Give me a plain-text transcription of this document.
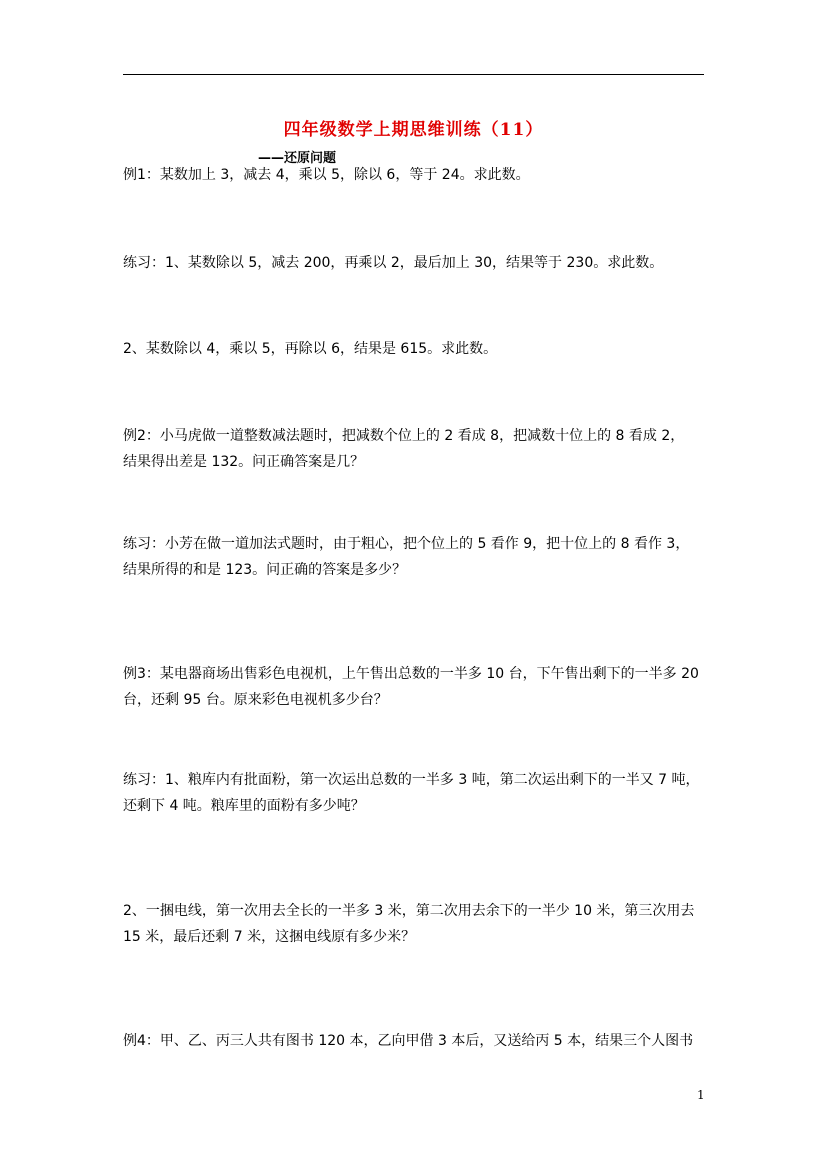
四年级数学上期思维训练（11）
——还原问题
例1：某数加上 3，减去 4，乘以 5，除以 6，等于 24。求此数。
练习：1、某数除以 5，减去 200，再乘以 2，最后加上 30，结果等于 230。求此数。
2、某数除以 4，乘以 5，再除以 6，结果是 615。求此数。
例2：小马虎做一道整数减法题时，把减数个位上的 2 看成 8，把减数十位上的 8 看成 2，
结果得出差是 132。问正确答案是几？
练习：小芳在做一道加法式题时，由于粗心，把个位上的 5 看作 9，把十位上的 8 看作 3，
结果所得的和是 123。问正确的答案是多少？
例3：某电器商场出售彩色电视机，上午售出总数的一半多 10 台，下午售出剩下的一半多 20
台，还剩 95 台。原来彩色电视机多少台？
练习：1、粮库内有批面粉，第一次运出总数的一半多 3 吨，第二次运出剩下的一半又 7 吨，
还剩下 4 吨。粮库里的面粉有多少吨？
2、一捆电线，第一次用去全长的一半多 3 米，第二次用去余下的一半少 10 米，第三次用去
15 米，最后还剩 7 米，这捆电线原有多少米？
例4：甲、乙、丙三人共有图书 120 本，乙向甲借 3 本后，又送给丙 5 本，结果三个人图书
1
